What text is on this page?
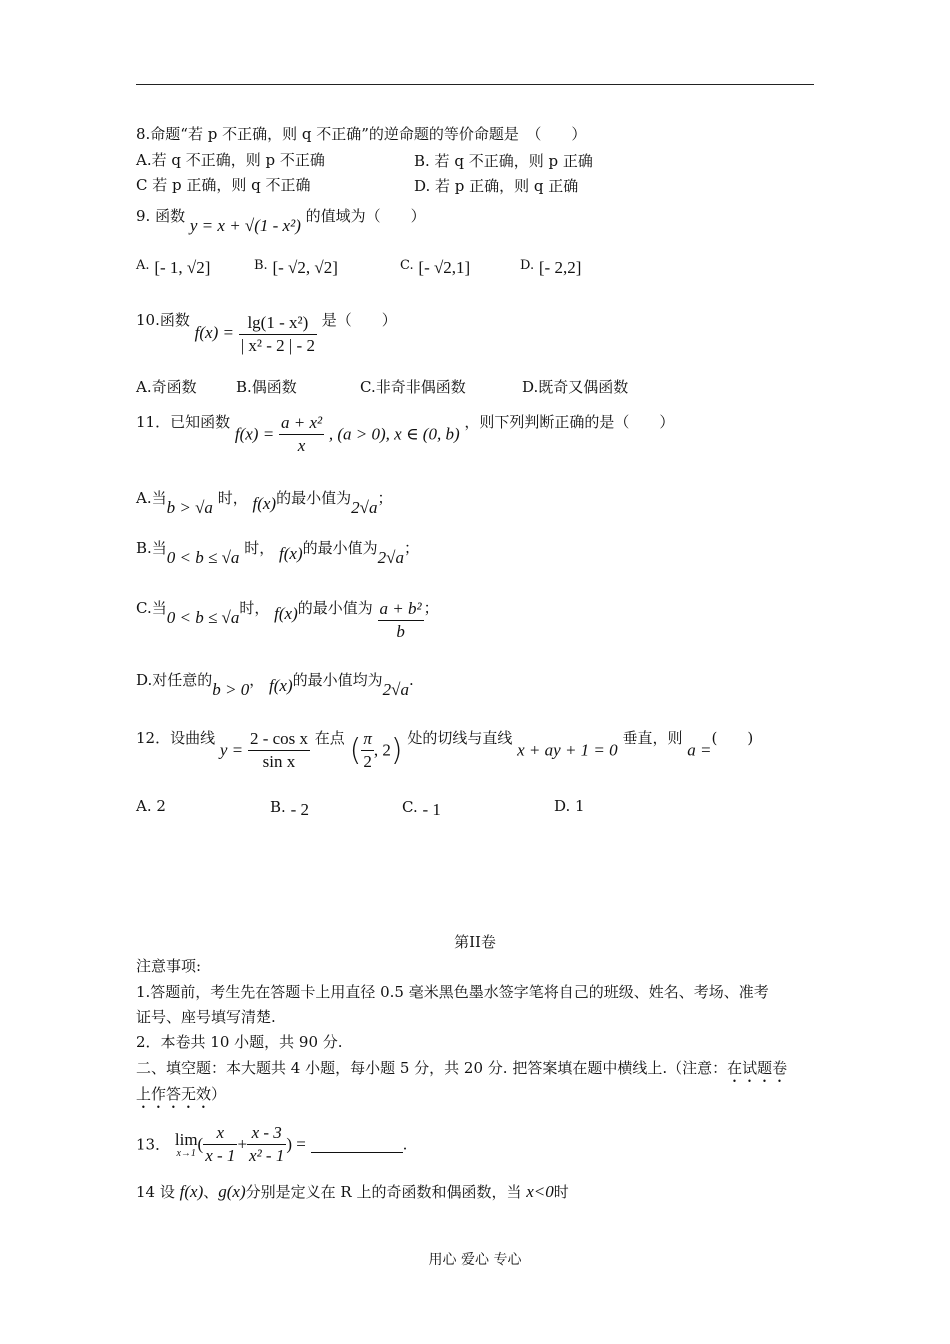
8.命题“若 p 不正确，则 q 不正确”的逆命题的等价命题是　（　　）
A.若 q 不正确，则 p 不正确	B. 若 q 不正确，则 p 正确
C 若 p 正确，则 q 不正确	D. 若 p 正确，则 q 正确
9. 函数 y = x + √(1 - x²) 的值域为（　　）
A. [- 1, √2]	B. [- √2, √2]	C. [- √2,1]	D. [- 2,2]
10.函数 $f(x) = \frac{\text{lg(1 - x²)}}{\text{| x² - 2 | - 2}}$ 是（　　）
A.奇函数	B.偶函数	C.非奇非偶函数	D.既奇又偶函数
11．已知函数 $f(x) = \frac{\text{a + x²}}{x}$ , (a > 0), x ∈ (0, b) ，则下列判断正确的是（　　）
A.当b > √a 时， f(x)的最小值为2√a；
B.当0 < b ≤ √a 时， f(x)的最小值为2√a；
C.当0 < b ≤ √a时， f(x)的最小值为 $\frac{\text{a + b²}}{b}$ ；
D.对任意的b > 0， f(x)的最小值均为2√a.
12．设曲线 $y = \frac{\text{2 - cos x}}{\text{sin x}}$ 在点 ( $\frac{\pi}{2}$ , 2) 处的切线与直线 x + ay + 1 = 0 垂直，则 a =(　　)
A. 2	B. - 2	C. - 1	D. 1
第II卷
注意事项:
1.答题前，考生先在答题卡上用直径 0.5 毫米黑色墨水签字笔将自己的班级、姓名、考场、准考
证号、座号填写清楚.
2．本卷共 10 小题，共 90 分.
二、填空题：本大题共 4 小题，每小题 5 分，共 20 分. 把答案填在题中横线上.（注意：在试题卷
上作答无效）
13． lim
x→1 ( $\frac{x}{x - 1} + \frac{x - 3}{\text{x² - 1}}$ ) =	.
14 设 f(x)、g(x)分别是定义在 R 上的奇函数和偶函数，当 x<0时
用心 爱心 专心
